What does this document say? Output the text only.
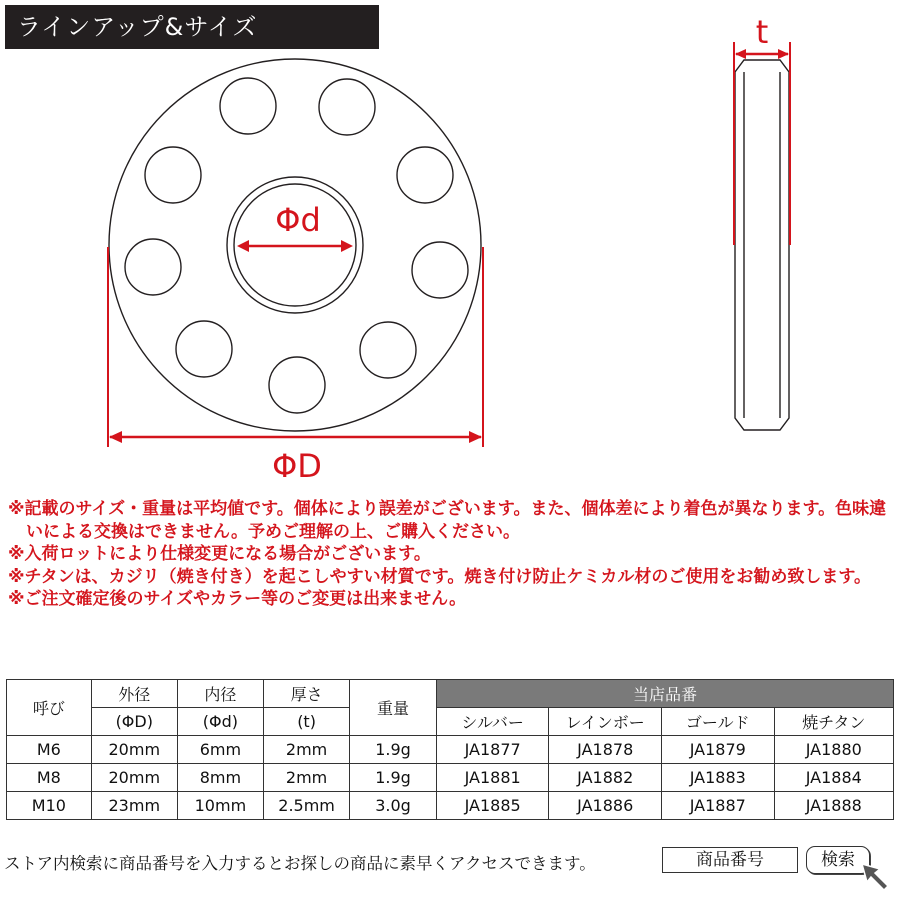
ラインアップ&サイズ
Φd
ΦD
t

※記載のサイズ・重量は平均値です。個体により誤差がございます。また、個体差により着色が異なります。色味違いによる交換はできません。予めご理解の上、ご購入ください。

※入荷ロットにより仕様変更になる場合がございます。

※チタンは、カジリ（焼き付き）を起こしやすい材質です。焼き付け防止ケミカル材のご使用をお勧め致します。

※ご注文確定後のサイズやカラー等のご変更は出来ません。

呼び	外径	内径	厚さ	重量	当店品番			
	(ΦD)	(Φd)	(t)		シルバー	レインボー	ゴールド	焼チタン
M6	20mm	6mm	2mm	1.9g	JA1877	JA1878	JA1879	JA1880
M8	20mm	8mm	2mm	1.9g	JA1881	JA1882	JA1883	JA1884
M10	23mm	10mm	2.5mm	3.0g	JA1885	JA1886	JA1887	JA1888
ストア内検索に商品番号を入力するとお探しの商品に素早くアクセスできます。	商品番号	検索
